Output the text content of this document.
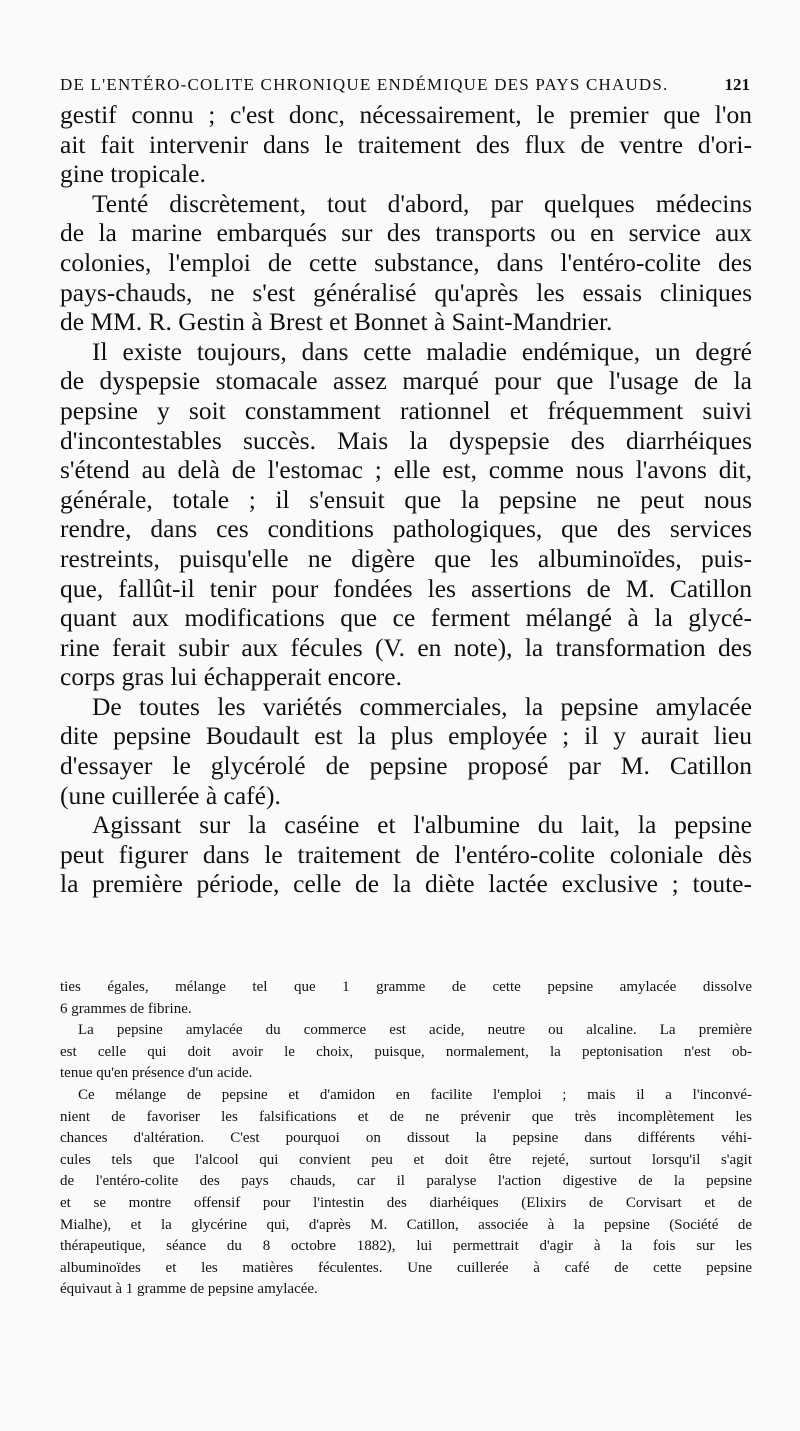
DE L'ENTÉRO-COLITE CHRONIQUE ENDÉMIQUE DES PAYS CHAUDS.	121
gestif connu ; c'est donc, nécessairement, le premier que l'on
ait fait intervenir dans le traitement des flux de ventre d'ori-
gine tropicale.
Tenté discrètement, tout d'abord, par quelques médecins
de la marine embarqués sur des transports ou en service aux
colonies, l'emploi de cette substance, dans l'entéro-colite des
pays-chauds, ne s'est généralisé qu'après les essais cliniques
de MM. R. Gestin à Brest et Bonnet à Saint-Mandrier.
Il existe toujours, dans cette maladie endémique, un degré
de dyspepsie stomacale assez marqué pour que l'usage de la
pepsine y soit constamment rationnel et fréquemment suivi
d'incontestables succès. Mais la dyspepsie des diarrhéiques
s'étend au delà de l'estomac ; elle est, comme nous l'avons dit,
générale, totale ; il s'ensuit que la pepsine ne peut nous
rendre, dans ces conditions pathologiques, que des services
restreints, puisqu'elle ne digère que les albuminoïdes, puis-
que, fallût-il tenir pour fondées les assertions de M. Catillon
quant aux modifications que ce ferment mélangé à la glycé-
rine ferait subir aux fécules (V. en note), la transformation des
corps gras lui échapperait encore.
De toutes les variétés commerciales, la pepsine amylacée
dite pepsine Boudault est la plus employée ; il y aurait lieu
d'essayer le glycérolé de pepsine proposé par M. Catillon
(une cuillerée à café).
Agissant sur la caséine et l'albumine du lait, la pepsine
peut figurer dans le traitement de l'entéro-colite coloniale dès
la première période, celle de la diète lactée exclusive ; toute-
ties égales, mélange tel que 1 gramme de cette pepsine amylacée dissolve
6 grammes de fibrine.
La pepsine amylacée du commerce est acide, neutre ou alcaline. La première
est celle qui doit avoir le choix, puisque, normalement, la peptonisation n'est ob-
tenue qu'en présence d'un acide.
Ce mélange de pepsine et d'amidon en facilite l'emploi ; mais il a l'inconvé-
nient de favoriser les falsifications et de ne prévenir que très incomplètement les
chances d'altération. C'est pourquoi on dissout la pepsine dans différents véhi-
cules tels que l'alcool qui convient peu et doit être rejeté, surtout lorsqu'il s'agit
de l'entéro-colite des pays chauds, car il paralyse l'action digestive de la pepsine
et se montre offensif pour l'intestin des diarhéiques (Elixirs de Corvisart et de
Mialhe), et la glycérine qui, d'après M. Catillon, associée à la pepsine (Société de
thérapeutique, séance du 8 octobre 1882), lui permettrait d'agir à la fois sur les
albuminoïdes et les matières féculentes. Une cuillerée à café de cette pepsine
équivaut à 1 gramme de pepsine amylacée.
